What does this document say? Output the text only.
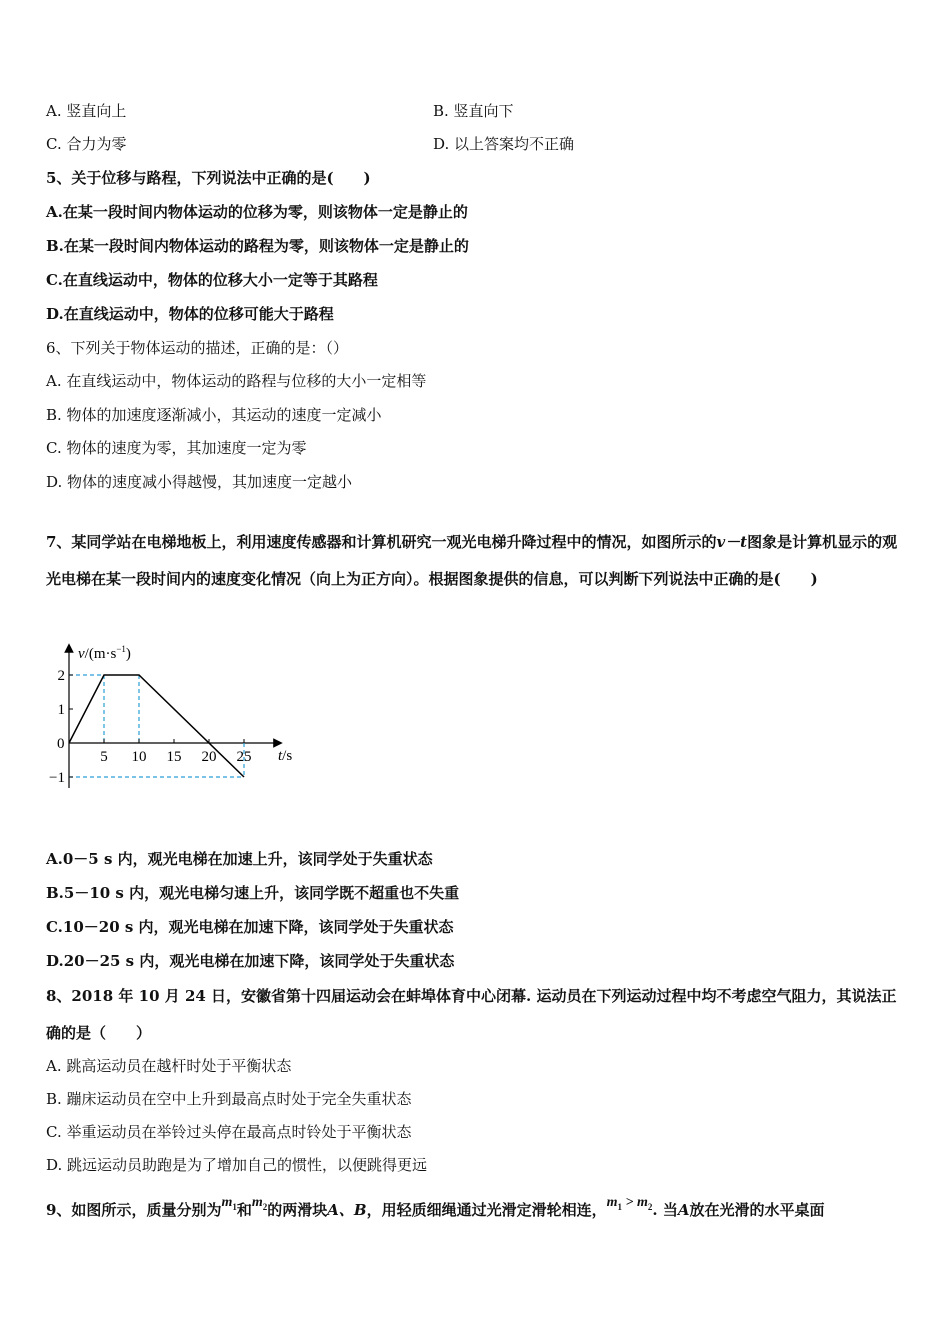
A. 竖直向上	B. 竖直向下
C. 合力为零	D. 以上答案均不正确
5、关于位移与路程，下列说法中正确的是(　　)
A.在某一段时间内物体运动的位移为零，则该物体一定是静止的
B.在某一段时间内物体运动的路程为零，则该物体一定是静止的
C.在直线运动中，物体的位移大小一定等于其路程
D.在直线运动中，物体的位移可能大于路程
6、下列关于物体运动的描述，正确的是：（）
A. 在直线运动中，物体运动的路程与位移的大小一定相等
B. 物体的加速度逐渐减小，其运动的速度一定减小
C. 物体的速度为零，其加速度一定为零
D. 物体的速度减小得越慢，其加速度一定越小
7、某同学站在电梯地板上，利用速度传感器和计算机研究一观光电梯升降过程中的情况，如图所示的v－t图象是计算机显示的观光电梯在某一段时间内的速度变化情况（向上为正方向）。根据图象提供的信息，可以判断下列说法中正确的是(　　)
5 10 15 20 25
2
1
−1
0
$v/(m\cdot s^{-1})$
t/s
A.0－5 s 内，观光电梯在加速上升，该同学处于失重状态
B.5－10 s 内，观光电梯匀速上升，该同学既不超重也不失重
C.10－20 s 内，观光电梯在加速下降，该同学处于失重状态
D.20－25 s 内，观光电梯在加速下降，该同学处于失重状态
8、2018 年 10 月 24 日，安徽省第十四届运动会在蚌埠体育中心闭幕. 运动员在下列运动过程中均不考虑空气阻力，其说法正确的是（　　）
A. 跳高运动员在越杆时处于平衡状态
B. 蹦床运动员在空中上升到最高点时处于完全失重状态
C. 举重运动员在举铃过头停在最高点时铃处于平衡状态
D. 跳远运动员助跑是为了增加自己的惯性，以便跳得更远
9、如图所示，质量分别为$m_1$和$m_2$的两滑块A、B，用轻质细绳通过光滑定滑轮相连，$m_1 > m_2$. 当A放在光滑的水平桌面
